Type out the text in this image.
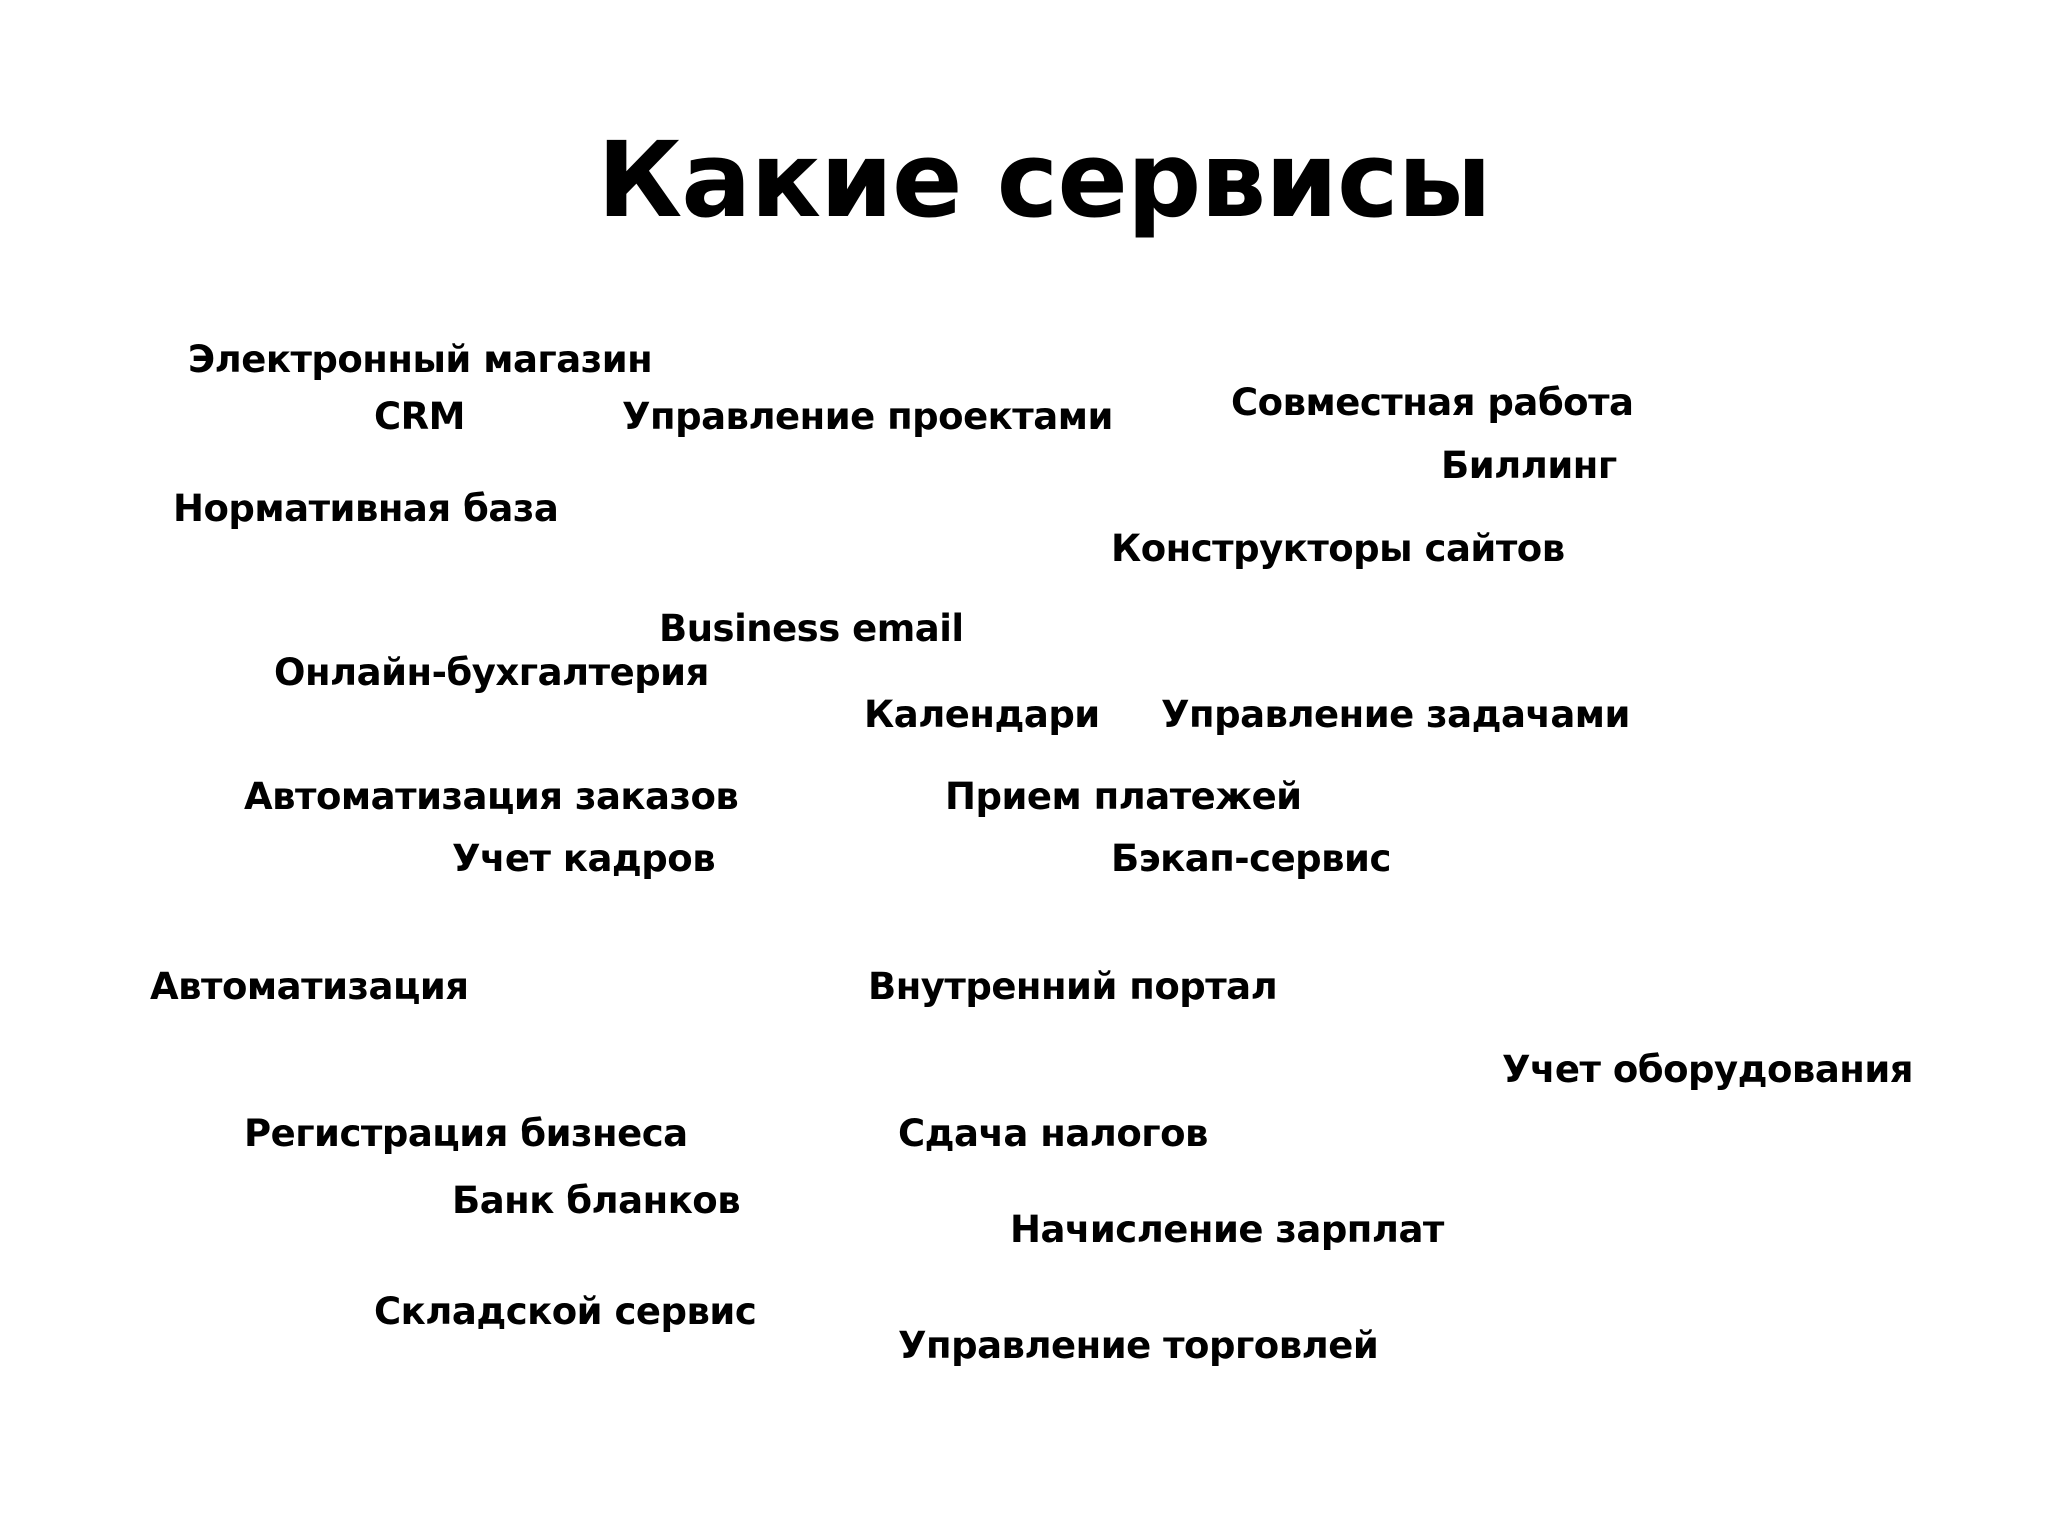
Какие сервисы
Электронный магазин
CRM	Управление проектами	Совместная работа
Биллинг
Нормативная база
Конструкторы сайтов
Business email
Онлайн-бухгалтерия
Календари Управление задачами
Автоматизация заказов	Прием платежей
Учет кадров	Бэкап-сервис
Автоматизация	Внутренний портал
Учет оборудования
Регистрация бизнеса	Сдача налогов
Банк бланков
Начисление зарплат
Складской сервис
Управление торговлей
